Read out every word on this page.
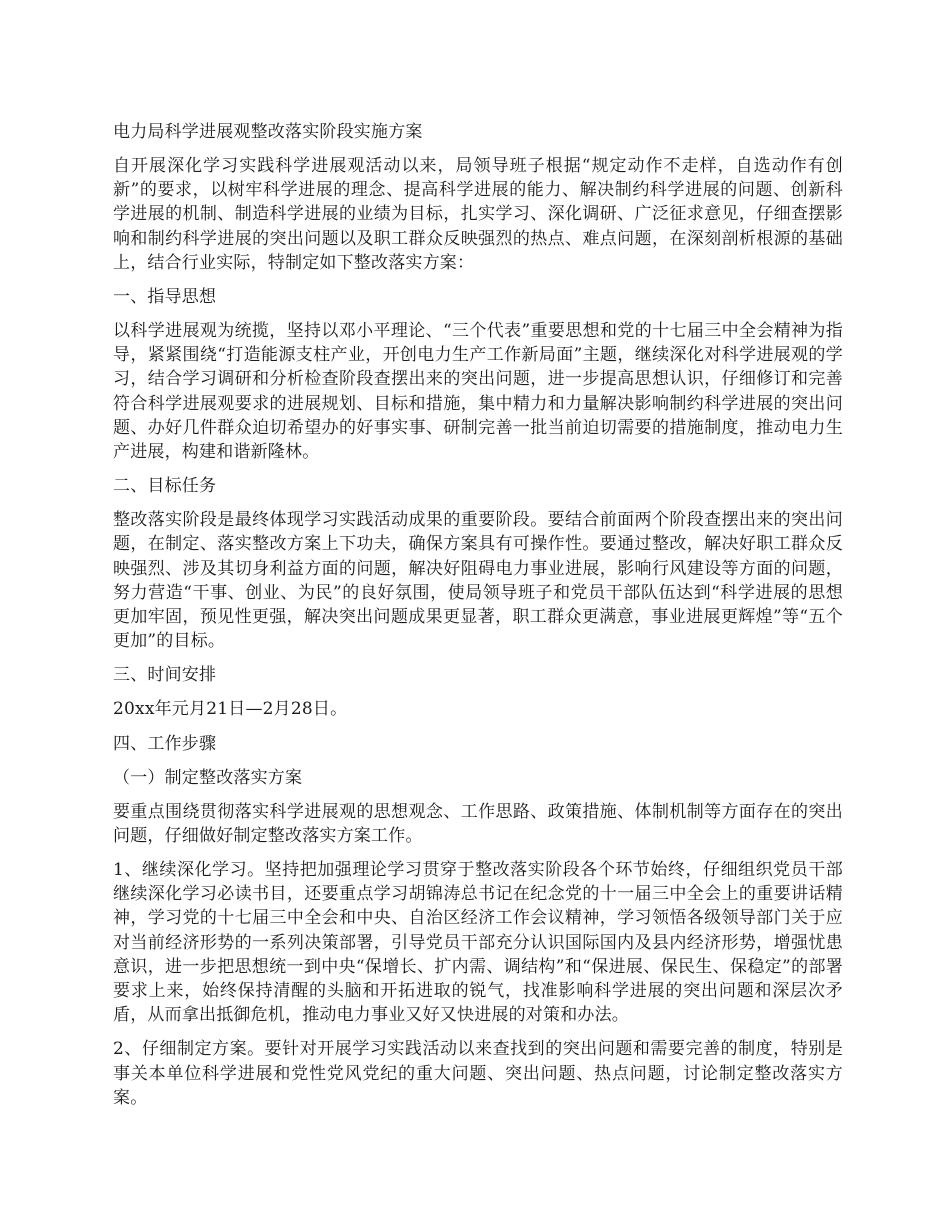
电力局科学进展观整改落实阶段实施方案
自开展深化学习实践科学进展观活动以来，局领导班子根据“规定动作不走样，自选动作有创新”的要求，以树牢科学进展的理念、提高科学进展的能力、解决制约科学进展的问题、创新科学进展的机制、制造科学进展的业绩为目标，扎实学习、深化调研、广泛征求意见，仔细查摆影响和制约科学进展的突出问题以及职工群众反映强烈的热点、难点问题，在深刻剖析根源的基础上，结合行业实际，特制定如下整改落实方案：
一、指导思想
以科学进展观为统揽，坚持以邓小平理论、“三个代表”重要思想和党的十七届三中全会精神为指导，紧紧围绕“打造能源支柱产业，开创电力生产工作新局面”主题，继续深化对科学进展观的学习，结合学习调研和分析检查阶段查摆出来的突出问题，进一步提高思想认识，仔细修订和完善符合科学进展观要求的进展规划、目标和措施，集中精力和力量解决影响制约科学进展的突出问题、办好几件群众迫切希望办的好事实事、研制完善一批当前迫切需要的措施制度，推动电力生产进展，构建和谐新隆林。
二、目标任务
整改落实阶段是最终体现学习实践活动成果的重要阶段。要结合前面两个阶段查摆出来的突出问题，在制定、落实整改方案上下功夫，确保方案具有可操作性。要通过整改，解决好职工群众反映强烈、涉及其切身利益方面的问题，解决好阻碍电力事业进展，影响行风建设等方面的问题，努力营造“干事、创业、为民”的良好氛围，使局领导班子和党员干部队伍达到“科学进展的思想更加牢固，预见性更强，解决突出问题成果更显著，职工群众更满意，事业进展更辉煌”等“五个更加”的目标。
三、时间安排
20xx年元月21日—2月28日。
四、工作步骤
（一）制定整改落实方案
要重点围绕贯彻落实科学进展观的思想观念、工作思路、政策措施、体制机制等方面存在的突出问题，仔细做好制定整改落实方案工作。
1、继续深化学习。坚持把加强理论学习贯穿于整改落实阶段各个环节始终，仔细组织党员干部继续深化学习必读书目，还要重点学习胡锦涛总书记在纪念党的十一届三中全会上的重要讲话精神，学习党的十七届三中全会和中央、自治区经济工作会议精神，学习领悟各级领导部门关于应对当前经济形势的一系列决策部署，引导党员干部充分认识国际国内及县内经济形势，增强忧患意识，进一步把思想统一到中央“保增长、扩内需、调结构”和“保进展、保民生、保稳定”的部署要求上来，始终保持清醒的头脑和开拓进取的锐气，找准影响科学进展的突出问题和深层次矛盾，从而拿出抵御危机，推动电力事业又好又快进展的对策和办法。
2、仔细制定方案。要针对开展学习实践活动以来查找到的突出问题和需要完善的制度，特别是事关本单位科学进展和党性党风党纪的重大问题、突出问题、热点问题，讨论制定整改落实方案。
